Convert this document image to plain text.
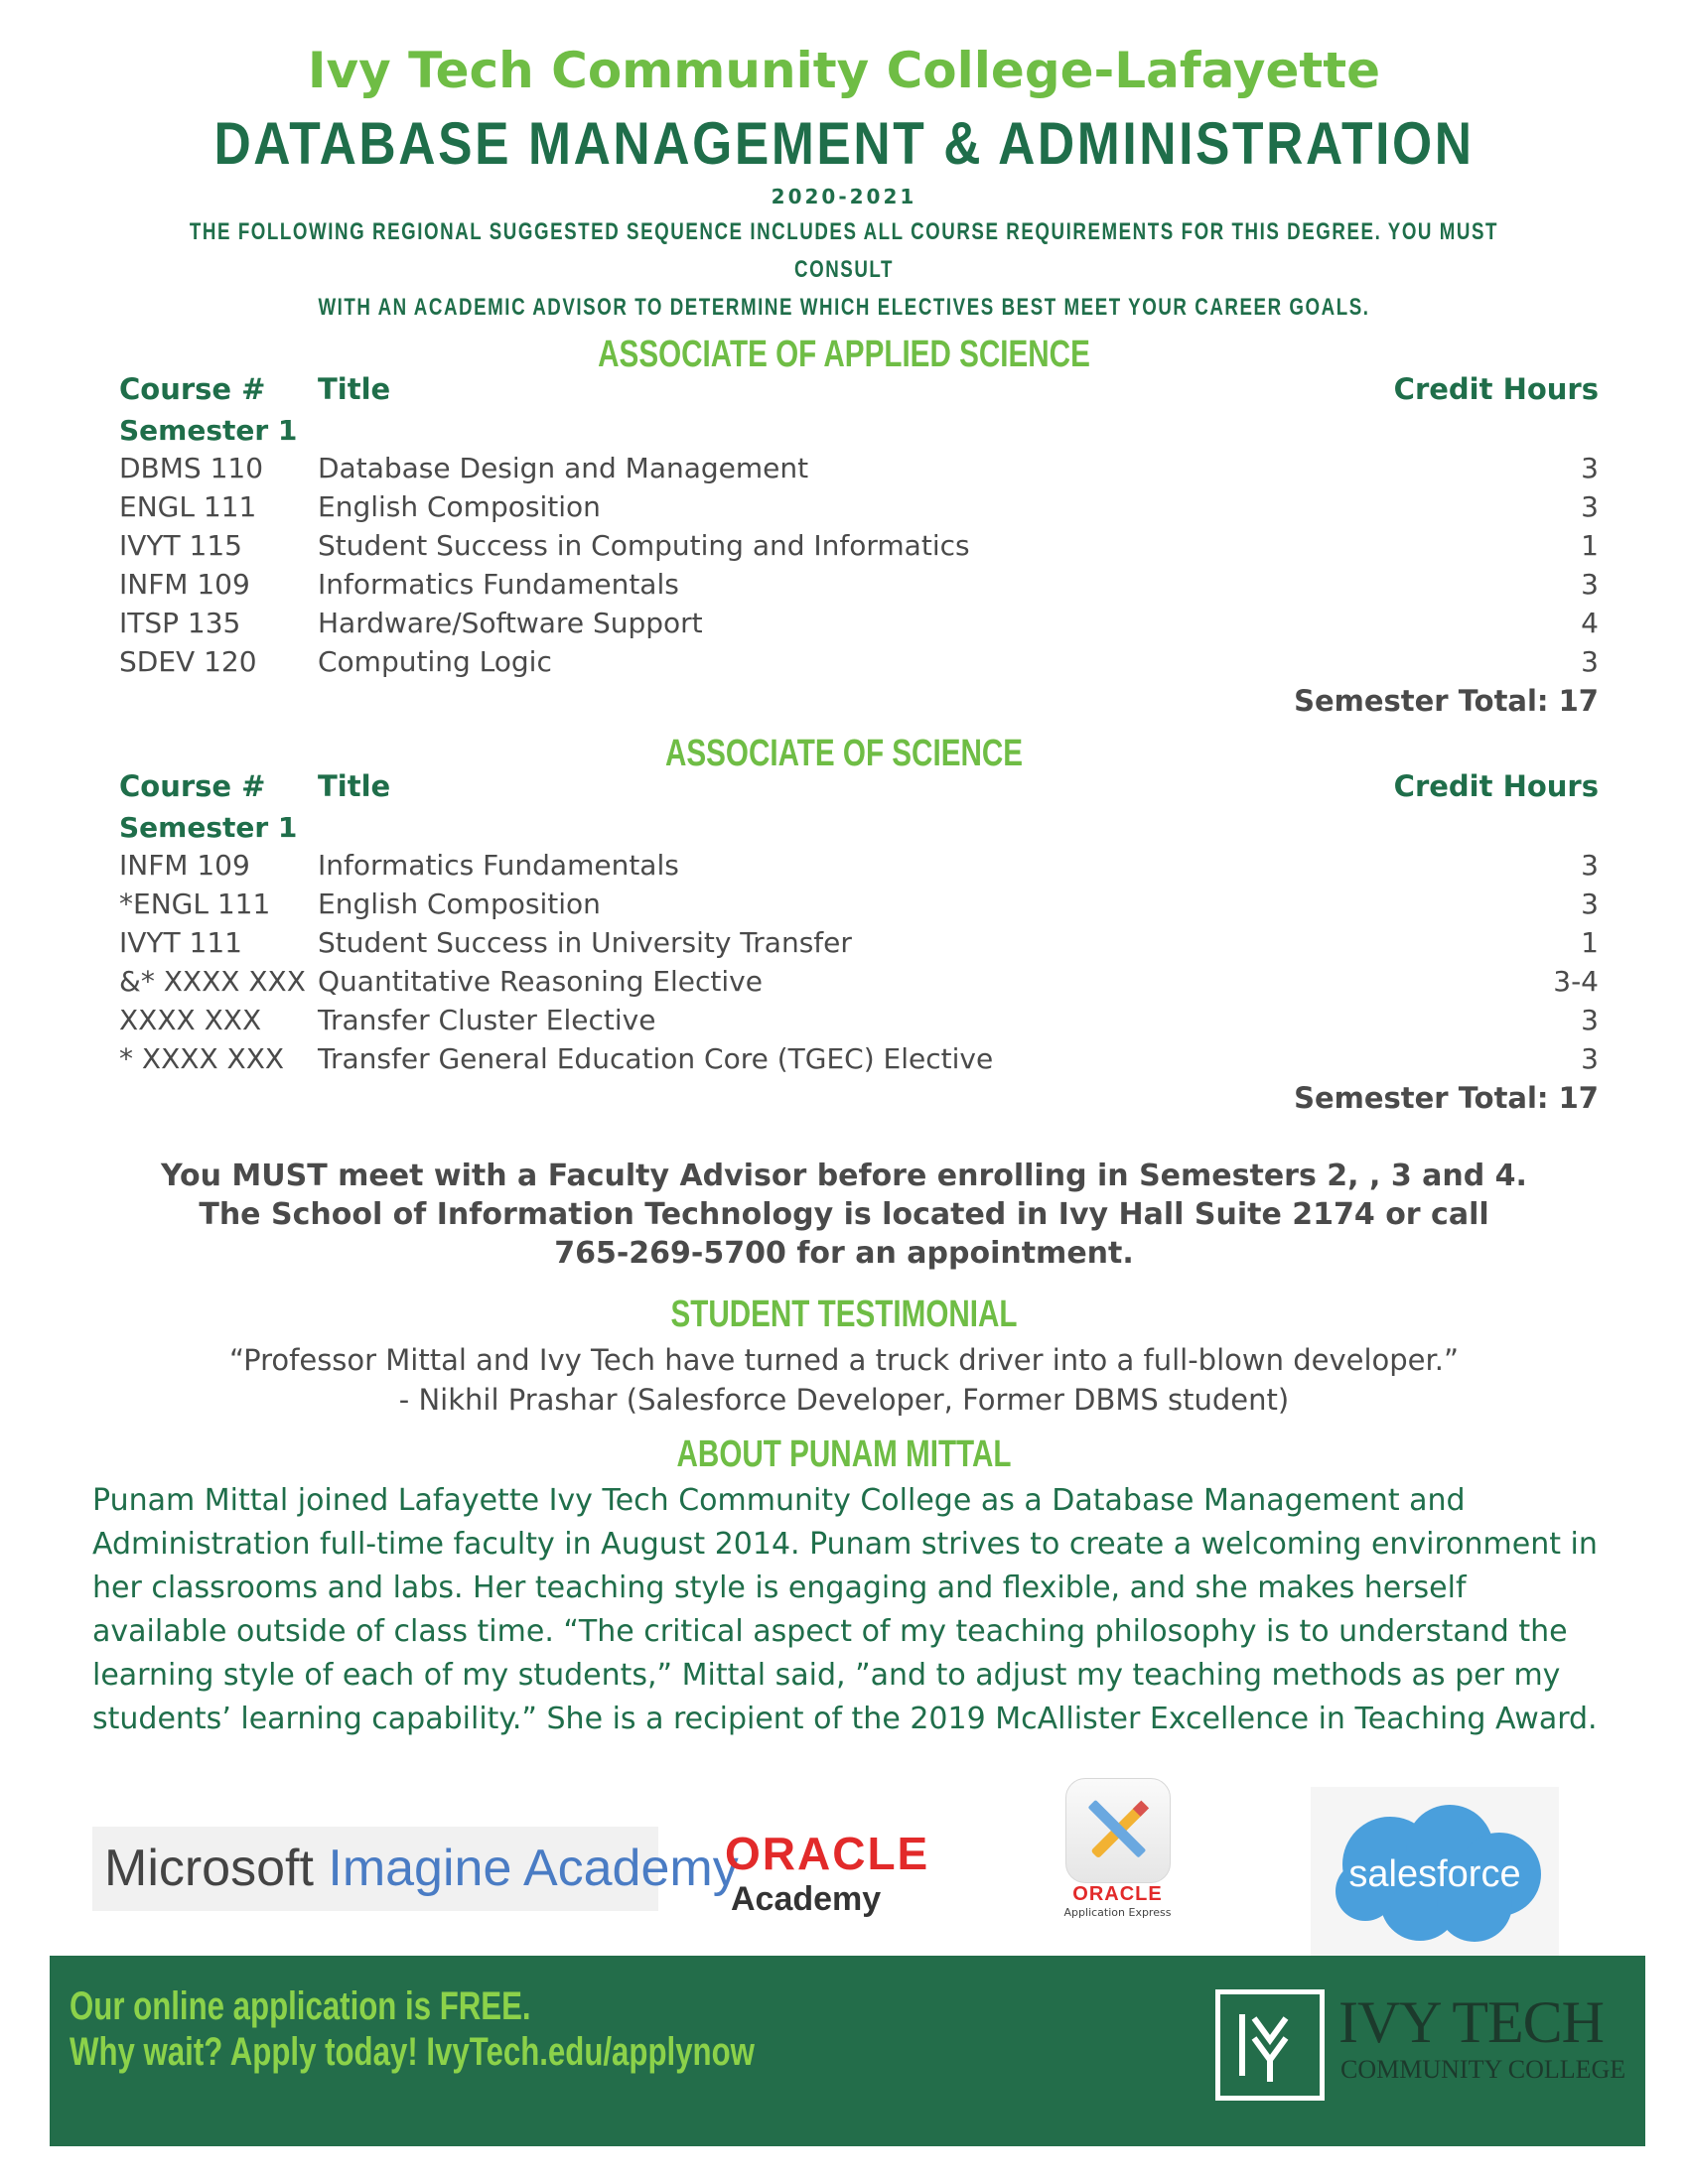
Ivy Tech Community College-Lafayette
DATABASE MANAGEMENT & ADMINISTRATION
2020-2021
THE FOLLOWING REGIONAL SUGGESTED SEQUENCE INCLUDES ALL COURSE REQUIREMENTS FOR THIS DEGREE. YOU MUST CONSULT
WITH AN ACADEMIC ADVISOR TO DETERMINE WHICH ELECTIVES BEST MEET YOUR CAREER GOALS.
ASSOCIATE OF APPLIED SCIENCE
Course # Title	Credit Hours
Semester 1
DBMS 110 Database Design and Management	3
ENGL 111 English Composition	3
IVYT 115	Student Success in Computing and Informatics	1
INFM 109 Informatics Fundamentals	3
ITSP 135	Hardware/Software Support	4
SDEV 120 Computing Logic	3
Semester Total: 17
ASSOCIATE OF SCIENCE
Course # Title	Credit Hours
Semester 1
INFM 109 Informatics Fundamentals	3
*ENGL 111 English Composition	3
IVYT 111	Student Success in University Transfer	1
&* XXXX XXX Quantitative Reasoning Elective	3-4
XXXX XXX Transfer Cluster Elective	3
* XXXX XXX Transfer General Education Core (TGEC) Elective	3
Semester Total: 17
You MUST meet with a Faculty Advisor before enrolling in Semesters 2, , 3 and 4.
The School of Information Technology is located in Ivy Hall Suite 2174 or call
765-269-5700 for an appointment.
STUDENT TESTIMONIAL
“Professor Mittal and Ivy Tech have turned a truck driver into a full-blown developer.”
- Nikhil Prashar (Salesforce Developer, Former DBMS student)
ABOUT PUNAM MITTAL
Punam Mittal joined Lafayette Ivy Tech Community College as a Database Management and Administration full-time faculty in August 2014. Punam strives to create a welcoming environment in her classrooms and labs. Her teaching style is engaging and flexible, and she makes herself available outside of class time. “The critical aspect of my teaching philosophy is to understand the learning style of each of my students,” Mittal said, ”and to adjust my teaching methods as per my students’ learning capability.” She is a recipient of the 2019 McAllister Excellence in Teaching Award.
Microsoft Imagine Academy
ORACLE
Academy	ORACLE
Application Express
salesforce
Our online application is FREE.
Why wait? Apply today! IvyTech.edu/applynow	IVY TECH
COMMUNITY COLLEGE
